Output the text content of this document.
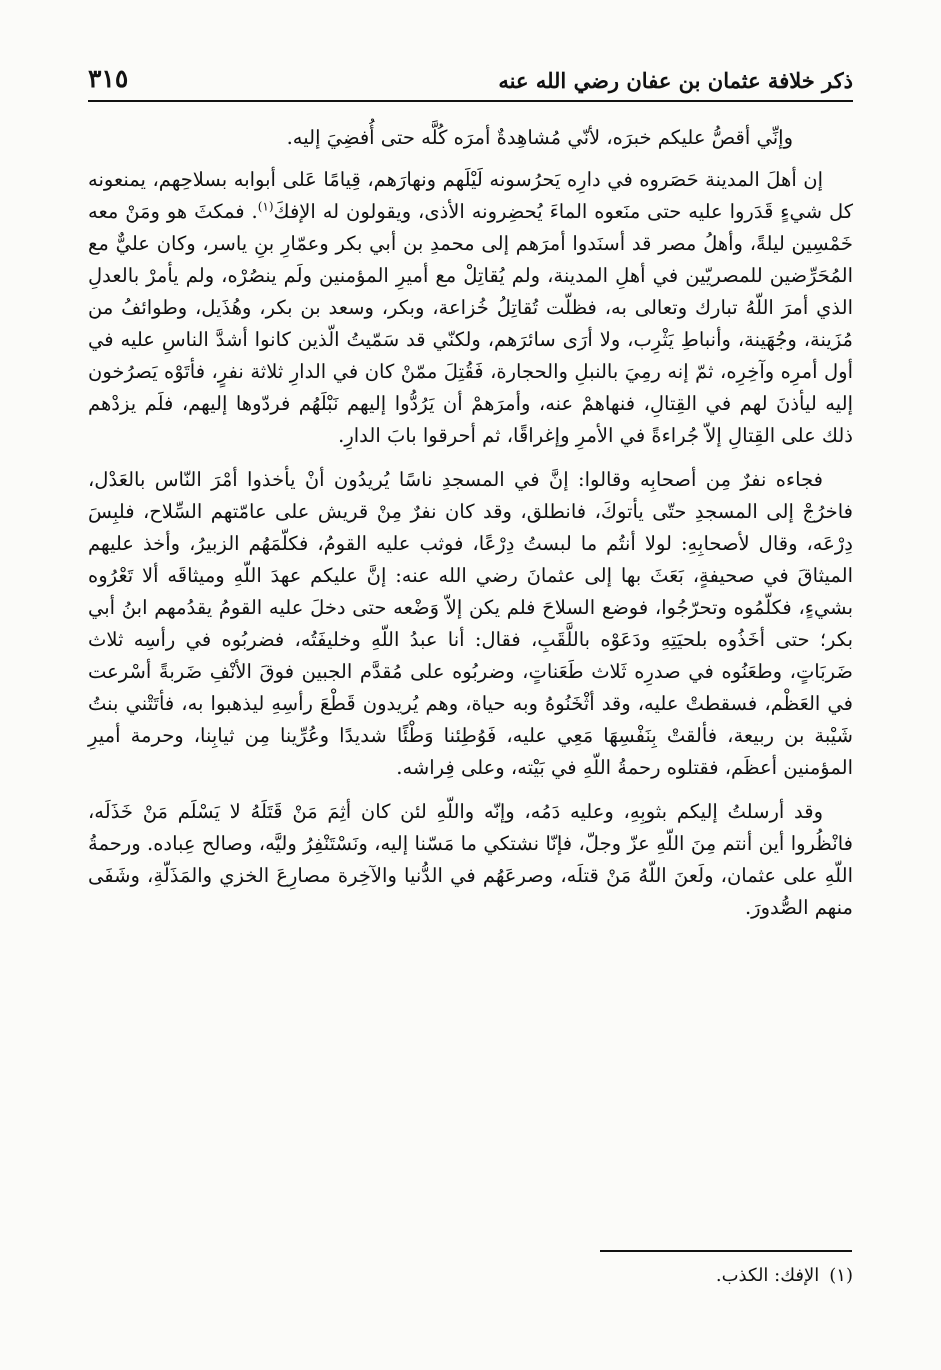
ذكر خلافة عثمان بن عفان رضي الله عنه
٣١٥

وإنِّي أقصُّ عليكم خبرَه، لأنّي مُشاهِدةٌ أمرَه كُلَّه حتى أُفضِيَ إليه.

إن أهلَ المدينة حَصَروه في دارِه يَحرُسونه لَيْلَهم ونهارَهم، قِيامًا عَلى أبوابه بسلاحِهم، يمنعونه كل شيءٍ قَدَروا عليه حتى منَعوه الماءَ يُحضِرونه الأذى، ويقولون له الإفكَ$^{(١)}$. فمكثَ هو ومَنْ معه خَمْسِين ليلةً، وأهلُ مصر قد أسنَدوا أمرَهم إلى محمدِ بن أبي بكر وعمّارِ بنِ ياسر، وكان عليٌّ مع المُحَرِّضين للمصريّين في أهلِ المدينة، ولم يُقاتِلْ مع أميرِ المؤمنين ولَم ينصُرْه، ولم يأمرْ بالعدلِ الذي أمرَ اللّهُ تبارك وتعالى به، فظلّت تُقاتِلُ خُزاعة، وبكر، وسعد بن بكر، وهُذَيل، وطوائفُ من مُزَينة، وجُهَينة، وأنباطِ يَثْرِب، ولا أرَى سائرَهم، ولكنّي قد سَمّيتُ الّذين كانوا أشدَّ الناسِ عليه في أول أمرِه وآخِرِه، ثمّ إنه رمِيَ بالنبلِ والحجارة، فَقُتِلَ ممّنْ كان في الدارِ ثلاثة نفرٍ، فأتَوْه يَصرُخون إليه ليأذنَ لهم في القِتالِ، فنهاهمْ عنه، وأمرَهمْ أن يَرُدُّوا إليهم نَبْلَهُم فردّوها إليهم، فلَم يزدْهم ذلك على القِتالِ إلاّ جُراءةً في الأمرِ وإغراقًا، ثم أحرقوا بابَ الدارِ.

فجاءه نفرٌ مِن أصحابِه وقالوا: إنَّ في المسجدِ ناسًا يُريدُون أنْ يأخذوا أمْرَ النّاس بالعَدْل، فاخرُجْ إلى المسجدِ حتّى يأتوكَ، فانطلق، وقد كان نفرٌ مِنْ قريش على عامّتهم السِّلاح، فلبِسَ دِرْعَه، وقال لأصحابِهِ: لولا أنتُم ما لبستُ دِرْعًا، فوثب عليه القومُ، فكلّمَهُم الزبيرُ، وأخذ عليهم الميثاقَ في صحيفةٍ، بَعَثَ بها إلى عثمانَ رضي الله عنه: إنَّ عليكم عهدَ اللّهِ وميثاقَه ألا تَعْرُوه بشيءٍ، فكلّمُوه وتحرّجُوا، فوضع السلاحَ فلم يكن إلاّ وَضْعه حتى دخلَ عليه القومُ يقدُمهم ابنُ أبي بكر؛ حتى أخَذُوه بلحيَتِهِ ودَعَوْه باللَّقَبِ، فقال: أنا عبدُ اللّهِ وخليفَتُه، فضربُوه في رأسِه ثلاث ضَربَاتٍ، وطعَنُوه في صدرِه ثَلاث طَعَناتٍ، وضربُوه على مُقدَّم الجبين فوقَ الأنْفِ ضَربةً أسْرعت في العَظْم، فسقطتْ عليه، وقد أثْخَنُوهُ وبه حياة، وهم يُريدون قَطْعَ رأسِهِ ليذهبوا به، فأتَتْني بنتُ شَيْبة بن ربيعة، فألقتْ بِنَفْسِهَا مَعِي عليه، فَوُطِئنا وَطْئًا شديدًا وعُرِّينا مِن ثيابِنا، وحرمة أميرِ المؤمنين أعظَم، فقتلوه رحمةُ اللّهِ في بَيْته، وعلى فِراشه.

وقد أرسلتُ إليكم بثوبِهِ، وعليه دَمُه، وإنّه واللّهِ لئن كان أثِمَ مَنْ قَتَلَهُ لا يَسْلَم مَنْ خَذَلَه، فانْظُروا أين أنتم مِنَ اللّهِ عزّ وجلّ، فإنّا نشتكي ما مَسّنا إليه، ونَسْتَنْفِرُ وليَّه، وصالح عِباده. ورحمةُ اللّهِ على عثمان، ولَعنَ اللّهُ مَنْ قتلَه، وصرعَهُم في الدُّنيا والآخِرة مصارِعَ الخزي والمَذَلّةِ، وشَفَى منهم الصُّدورَ.

(١)الإفك: الكذب.
